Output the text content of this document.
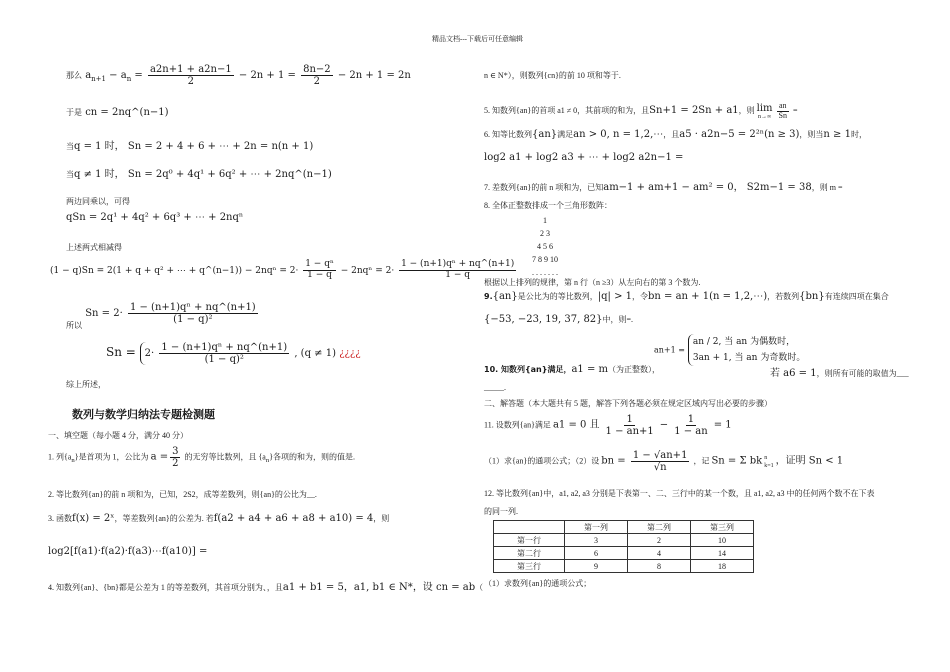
精品文档---下载后可任意编辑
那么 $a_{n+1} - a_n = \frac{a2n+1 + a2n-1}{2} - 2n + 1 = \frac{8n-2}{2} - 2n + 1 = 2n$
于是 cn = 2nq^(n−1)
当q = 1 时， Sn = 2 + 4 + 6 + ⋯ + 2n = n(n + 1)
当q ≠ 1 时， Sn = 2q⁰ + 4q¹ + 6q² + ⋯ + 2nq^(n−1)
两边同乘以，可得
qSn = 2q¹ + 4q² + 6q³ + ⋯ + 2nqⁿ
上述两式相减得
(1 − q)Sn = 2(1 + q + q² + ⋯ + q^(n−1)) − $2nq^n = 2\cdot \frac{\text{1 − qⁿ}}{1 - q} - 2nq^n = 2\cdot \frac{\text{1 − (n+1)qⁿ + nq\textasciicircum{}(n+1)}}{1 - q}$
$_{所以}$ $Sn = 2\cdot \frac{\text{1 − (n+1)qⁿ + nq\textasciicircum{}(n+1)}}{\text{(1 − q)²}}$
$Sn = 2\cdot \frac{\text{1 − (n+1)qⁿ + nq\textasciicircum{}(n+1)}}{\text{(1 − q)²}}$ , (q ≠ 1) ¿¿¿¿
综上所述，
数列与数学归纳法专题检测题
一、填空题（每小题 4 分，满分 40 分）
1. 列$\{a_n\}$是首项为 1，公比为 $a = \frac{3}{2}$ 的无穷等比数列，且 $\{a_n\}$各项的和为，则的值是.
2. 等比数列{an}的前 n 项和为，已知，2S2，成等差数列，则{an}的公比为__.
3. 函数f(x) = 2ˣ，等差数列{an}的公差为. 若f(a2 + a4 + a6 + a8 + a10) = 4，则
log2[f(a1)·f(a2)·f(a3)⋯f(a10)] =
4. 知数列{an}、{bn}都是公差为 1 的等差数列，其首项分别为、，且a1 + b1 = 5，a1, b1 ∈ N*，设 cn = ab（
n ∈ N*），则数列{cn}的前 10 项和等于.
5. 知数列{an}的首项 a1 ≠ 0，其前项的和为，且Sn+1 = 2Sn + a1，则 lim
n→∞
$\frac{an}{Sn}$ =
6. 知等比数列{an}满足an > 0, n = 1,2,⋯，且a5 · a2n−5 = 2²ⁿ(n ≥ 3)，则当n ≥ 1时，
log2 a1 + log2 a3 + ⋯ + log2 a2n−1 =
7. 差数列{an}的前 n 项和为，已知am−1 + am+1 − am² = 0， S2m−1 = 38，则 m =
8. 全体正整数排成一个三角形数阵：
1
2 3
4 5 6
7 8 9 10
. . . . . . .
根据以上排列的规律，第 n 行（n ≥3）从左向右的第 3 个数为.
9.{an}是公比为的等比数列，|q| > 1，令bn = an + 1(n = 1,2,⋯)，若数列{bn}有连续四项在集合
{−53, −23, 19, 37, 82}中，则=.
an+1 =
an / 2, 当 an 为偶数时，
3an + 1, 当 an 为奇数时。
10. 知数列{an}满足，a1 = m（为正整数），	若 a6 = 1，则所有可能的取值为___
_____.
二、解答题（本大题共有 5 题，解答下列各题必须在规定区域内写出必要的步骤）
11. 设数列{an}满足 a1 = 0 且 $\frac{1}{1 - an+1} - \frac{1}{1 - an} = 1$
（1）求{an}的通项公式；（2）设 bn = $\frac{1 - √an+1}{√n}$ ，记 Sn = Σ bk n
k=1 ，证明 Sn < 1
12. 等比数列{an}中，a1, a2, a3 分别是下表第一、二、三行中的某一个数，且 a1, a2, a3 中的任何两个数不在下表
的同一列.
	第一列	第二列	第三列
第一行	3	2	10
第二行	6	4	14
第三行	9	8	18
（1）求数列{an}的通项公式；
